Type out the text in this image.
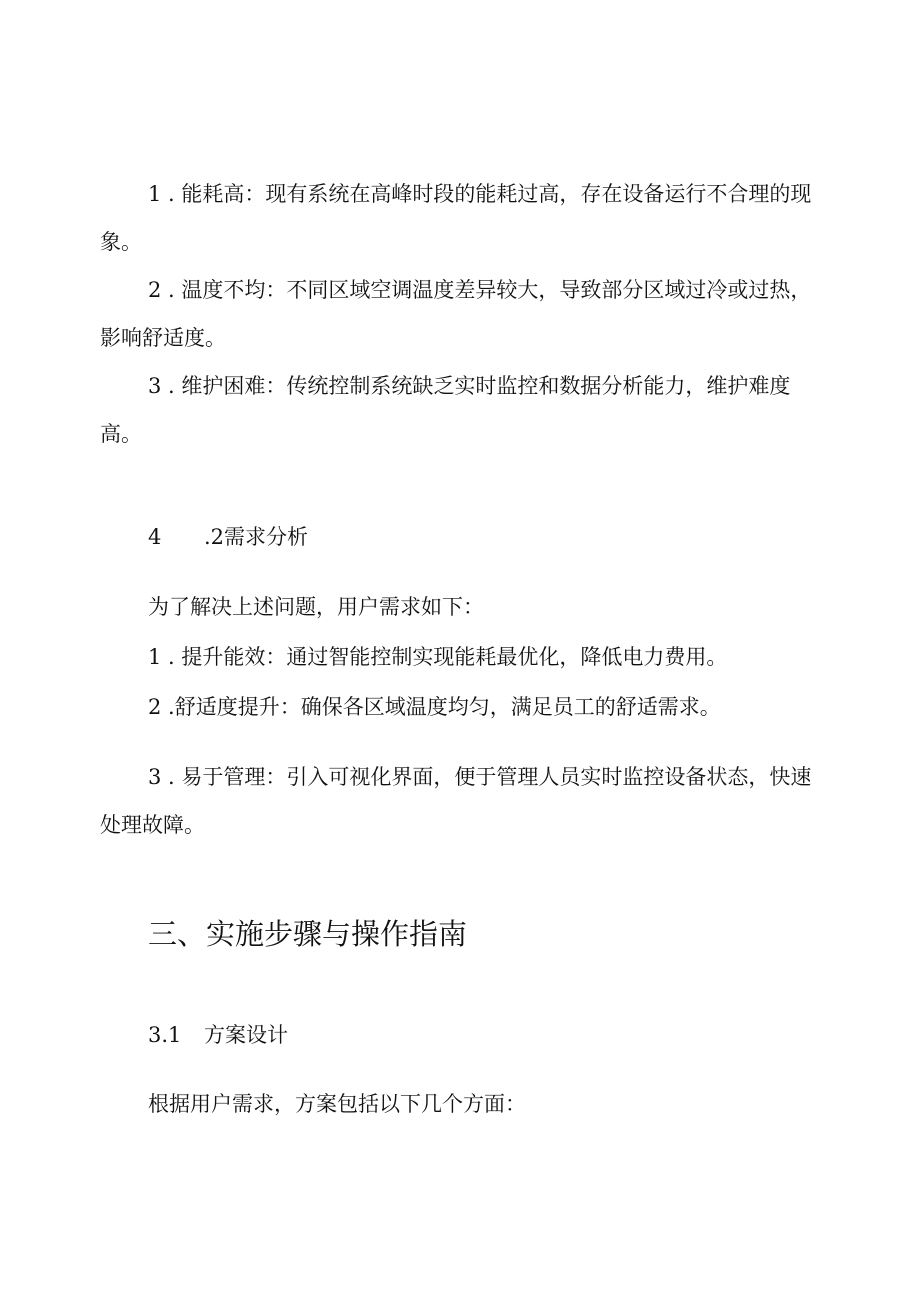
1 . 能耗高：现有系统在高峰时段的能耗过高，存在设备运行不合理的现象。

2 . 温度不均：不同区域空调温度差异较大，导致部分区域过冷或过热，影响舒适度。

3 . 维护困难：传统控制系统缺乏实时监控和数据分析能力，维护难度高。

4 .2需求分析

为了解决上述问题，用户需求如下：

1 . 提升能效：通过智能控制实现能耗最优化，降低电力费用。

2 .舒适度提升：确保各区域温度均匀，满足员工的舒适需求。

3 . 易于管理：引入可视化界面，便于管理人员实时监控设备状态，快速处理故障。

三、实施步骤与操作指南
3.1 方案设计

根据用户需求，方案包括以下几个方面：
